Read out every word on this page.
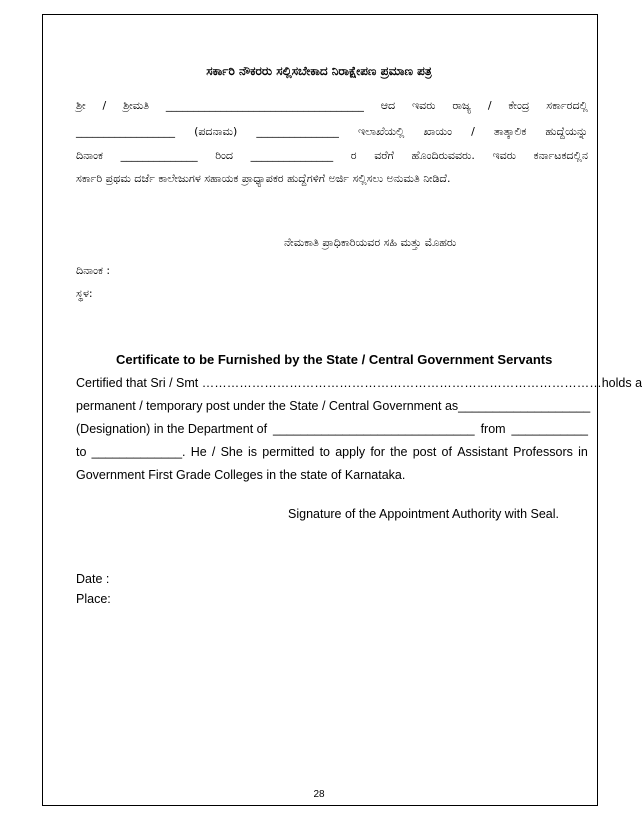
ಸರ್ಕಾರಿ ನೌಕರರು ಸಲ್ಲಿಸಬೇಕಾದ ನಿರಾಕ್ಷೇಪಣ ಪ್ರಮಾಣ ಪತ್ರ
ಶ್ರೀ / ಶ್ರೀಮತಿ ____________________________________ ಆದ ಇವರು ರಾಜ್ಯ / ಕೇಂದ್ರ ಸರ್ಕಾರದಲ್ಲಿ
__________________ (ಪದನಾಮ) _______________ ಇಲಾಖೆಯಲ್ಲಿ ಖಾಯಂ / ತಾತ್ಕಾಲಿಕ ಹುದ್ದೆಯನ್ನು
ದಿನಾಂಕ ______________ ರಿಂದ _______________ ರ ವರೆಗೆ ಹೊಂದಿರುವವರು. ಇವರು ಕರ್ನಾಟಕದಲ್ಲಿನ
ಸರ್ಕಾರಿ ಪ್ರಥಮ ದರ್ಜೆ ಕಾಲೇಜುಗಳ ಸಹಾಯಕ ಪ್ರಾಧ್ಯಾಪಕರ ಹುದ್ದೆಗಳಿಗೆ ಅರ್ಜಿ ಸಲ್ಲಿಸಲು ಅನುಮತಿ ನೀಡಿದೆ.
ನೇಮಕಾತಿ ಪ್ರಾಧಿಕಾರಿಯವರ ಸಹಿ ಮತ್ತು ಮೊಹರು
ದಿನಾಂಕ :
ಸ್ಥಳ:
Certificate to be Furnished by the State / Central Government Servants
Certified that Sri / Smt …………………………………………………………………………………… holds a
permanent / temporary post under the State / Central Government as ___________________
(Designation) in the Department of _____________________________ from ___________
to _____________. He / She is permitted to apply for the post of Assistant Professors in
Government First Grade Colleges in the state of Karnataka.
Signature of the Appointment Authority with Seal.
Date :
Place:
28
